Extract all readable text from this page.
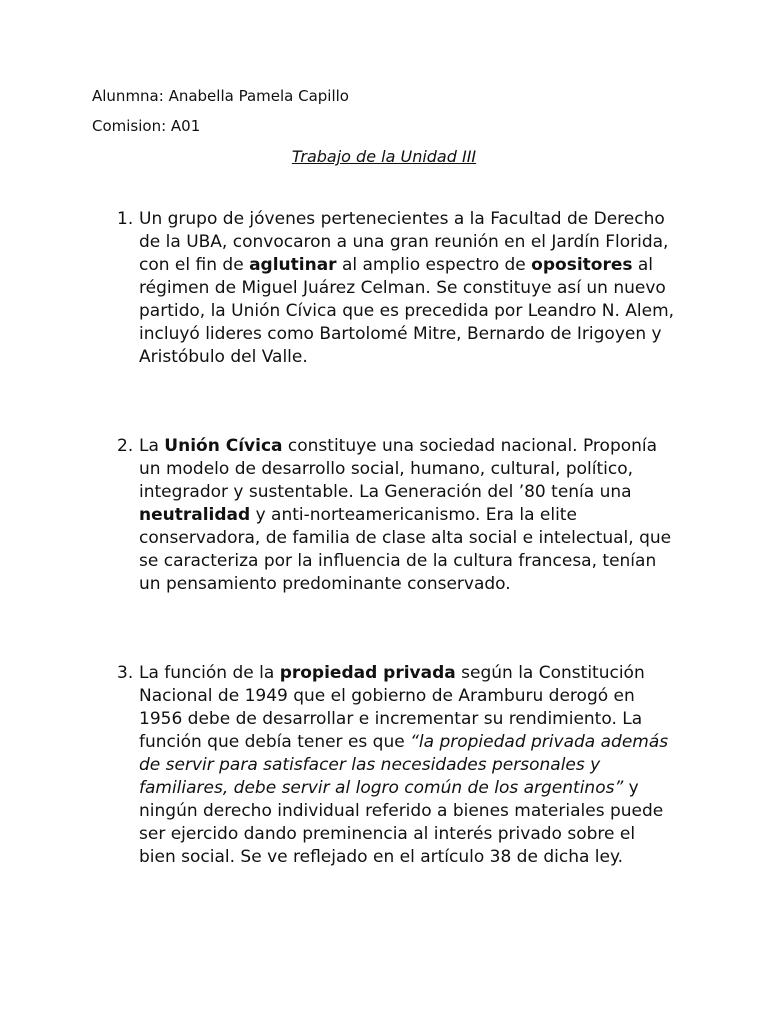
Alunmna: Anabella Pamela Capillo
Comision: A01
Trabajo de la Unidad III
1. Un grupo de jóvenes pertenecientes a la Facultad de Derecho de la UBA, convocaron a una gran reunión en el Jardín Florida, con el fin de aglutinar al amplio espectro de opositores al régimen de Miguel Juárez Celman. Se constituye así un nuevo partido, la Unión Cívica que es precedida por Leandro N. Alem, incluyó lideres como Bartolomé Mitre, Bernardo de Irigoyen y Aristóbulo del Valle.
2. La Unión Cívica constituye una sociedad nacional. Proponía un modelo de desarrollo social, humano, cultural, político, integrador y sustentable. La Generación del ’80 tenía una neutralidad y anti-norteamericanismo. Era la elite conservadora, de familia de clase alta social e intelectual, que se caracteriza por la influencia de la cultura francesa, tenían un pensamiento predominante conservado.
3. La función de la propiedad privada según la Constitución Nacional de 1949 que el gobierno de Aramburu derogó en 1956 debe de desarrollar e incrementar su rendimiento. La función que debía tener es que “la propiedad privada además de servir para satisfacer las necesidades personales y familiares, debe servir al logro común de los argentinos” y ningún derecho individual referido a bienes materiales puede ser ejercido dando preminencia al interés privado sobre el bien social. Se ve reflejado en el artículo 38 de dicha ley.
